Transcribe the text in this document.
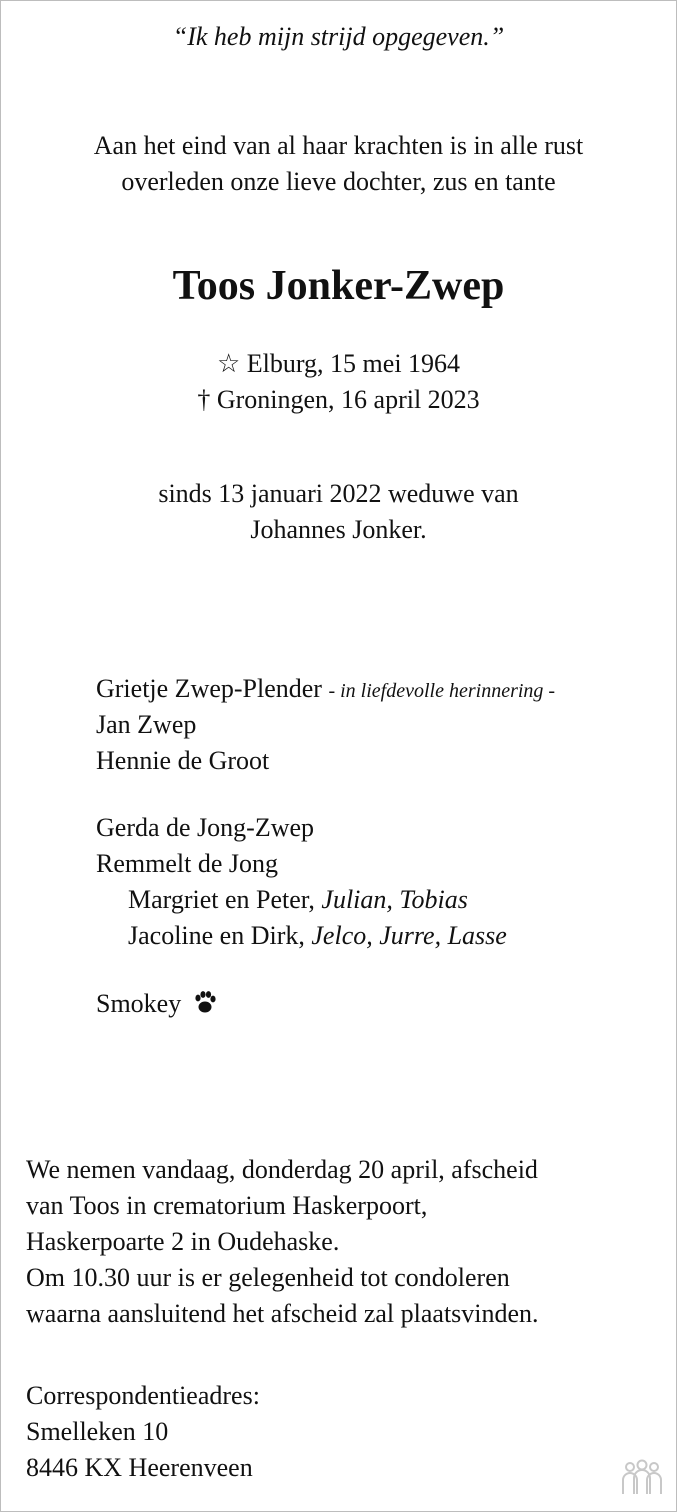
“Ik heb mijn strijd opgegeven.”
Aan het eind van al haar krachten is in alle rust
overleden onze lieve dochter, zus en tante
Toos Jonker-Zwep
☆ Elburg, 15 mei 1964
† Groningen, 16 april 2023
sinds 13 januari 2022 weduwe van
Johannes Jonker.
Grietje Zwep-Plender - in liefdevolle herinnering -
Jan Zwep
Hennie de Groot
Gerda de Jong-Zwep
Remmelt de Jong
Margriet en Peter, Julian, Tobias
Jacoline en Dirk, Jelco, Jurre, Lasse
Smokey
We nemen vandaag, donderdag 20 april, afscheid
van Toos in crematorium Haskerpoort,
Haskerpoarte 2 in Oudehaske.
Om 10.30 uur is er gelegenheid tot condoleren
waarna aansluitend het afscheid zal plaatsvinden.
Correspondentieadres:
Smelleken 10
8446 KX Heerenveen
